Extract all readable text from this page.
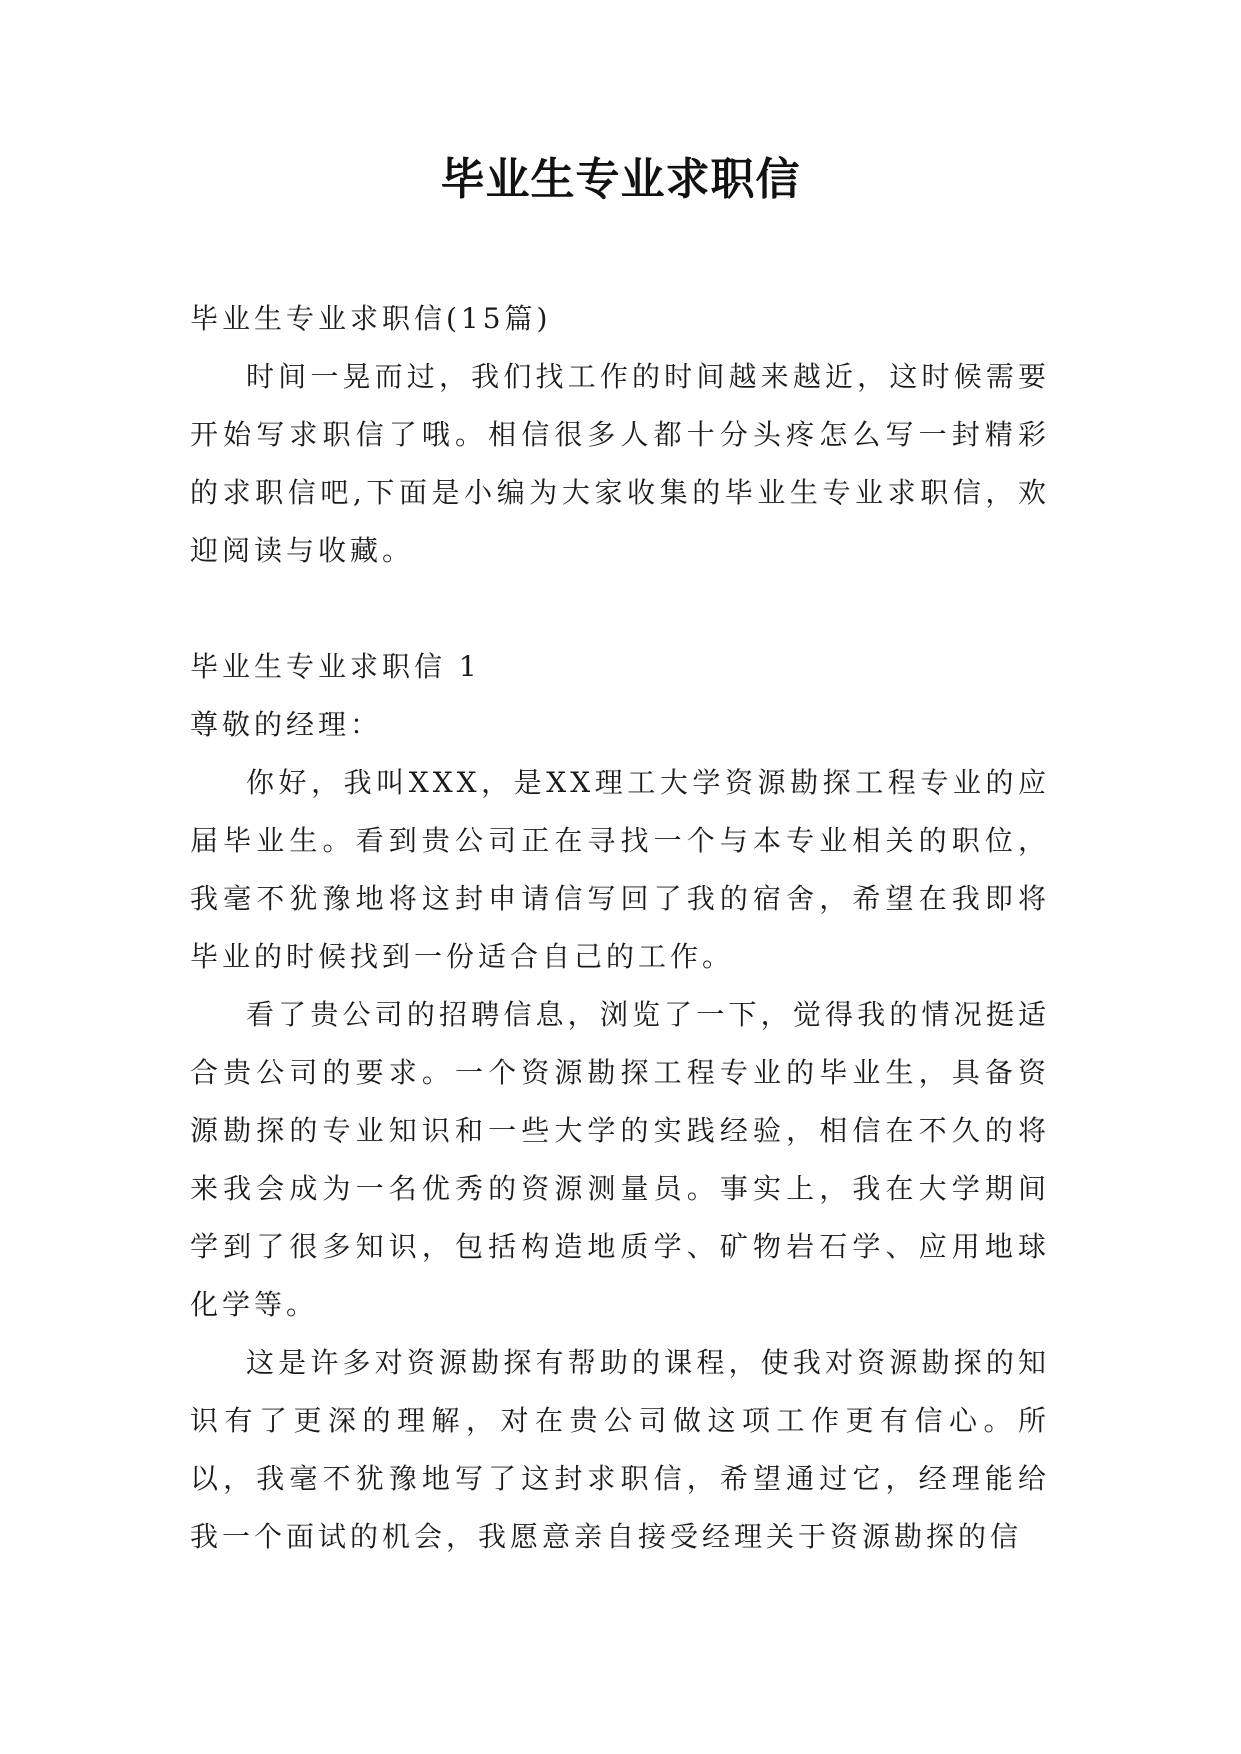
毕业生专业求职信

毕业生专业求职信(15篇)

时间一晃而过，我们找工作的时间越来越近，这时候需要开始写求职信了哦。相信很多人都十分头疼怎么写一封精彩的求职信吧,下面是小编为大家收集的毕业生专业求职信，欢迎阅读与收藏。

毕业生专业求职信 1

尊敬的经理：

你好，我叫XXX，是XX理工大学资源勘探工程专业的应届毕业生。看到贵公司正在寻找一个与本专业相关的职位，我毫不犹豫地将这封申请信写回了我的宿舍，希望在我即将毕业的时候找到一份适合自己的工作。

看了贵公司的招聘信息，浏览了一下，觉得我的情况挺适合贵公司的要求。一个资源勘探工程专业的毕业生，具备资源勘探的专业知识和一些大学的实践经验，相信在不久的将来我会成为一名优秀的资源测量员。事实上，我在大学期间学到了很多知识，包括构造地质学、矿物岩石学、应用地球化学等。

这是许多对资源勘探有帮助的课程，使我对资源勘探的知识有了更深的理解，对在贵公司做这项工作更有信心。所以，我毫不犹豫地写了这封求职信，希望通过它，经理能给我一个面试的机会，我愿意亲自接受经理关于资源勘探的信
